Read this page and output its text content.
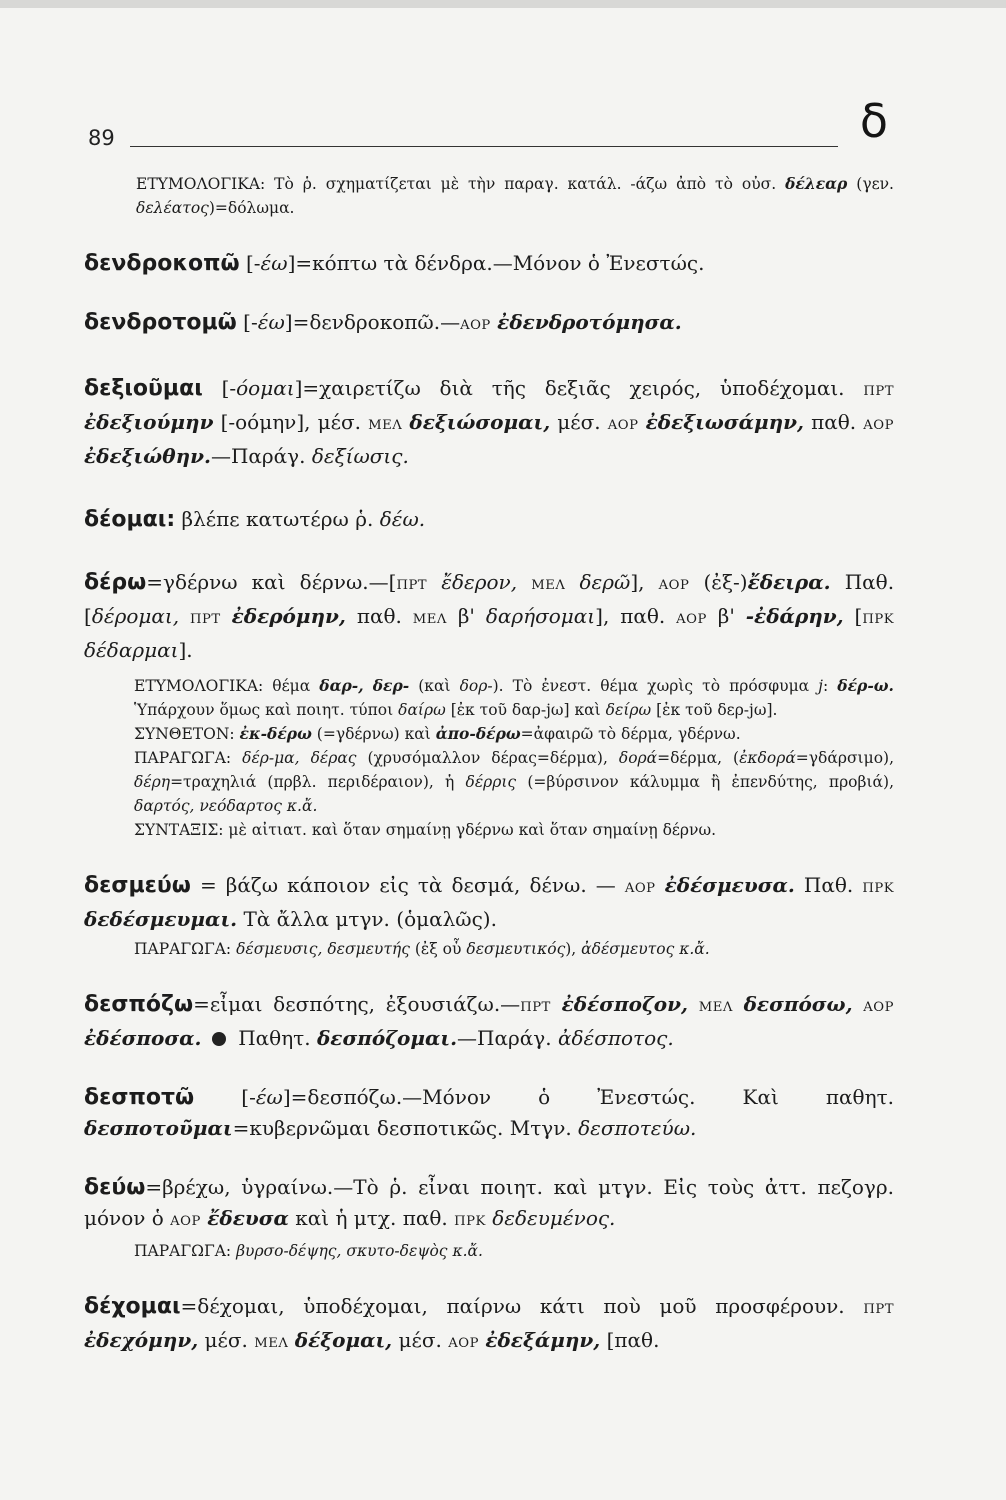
89	δ
ΕΤΥΜΟΛΟΓΙΚΑ: Τὸ ῥ. σχηματίζεται μὲ τὴν παραγ. κατάλ. -άζω ἀπὸ τὸ οὐσ. δέλεαρ (γεν. δελέατος)=δόλωμα.
δενδροκοπῶ [-έω]=κόπτω τὰ δένδρα.—Μόνον ὁ Ἐνεστώς.
δενδροτομῶ [-έω]=δενδροκοπῶ.—ΑΟΡ ἐδενδροτόμησα.
δεξιοῦμαι [-όομαι]=χαιρετίζω διὰ τῆς δεξιᾶς χειρός, ὑποδέχομαι. ΠΡΤ ἐδεξιούμην [-οόμην], μέσ. ΜΕΛ δεξιώσομαι, μέσ. ΑΟΡ ἐδεξιωσάμην, παθ. ΑΟΡ ἐδεξιώθην.—Παράγ. δεξίωσις.
δέομαι: βλέπε κατωτέρω ῥ. δέω.
δέρω=γδέρνω καὶ δέρνω.—[ΠΡΤ ἔδερον, ΜΕΛ δερῶ], ΑΟΡ (ἐξ-)ἔδειρα. Παθ. [δέρομαι, ΠΡΤ ἐδερόμην, παθ. ΜΕΛ β' δαρήσομαι], παθ. ΑΟΡ β' -ἐδάρην, [ΠΡΚ δέδαρμαι].
ΕΤΥΜΟΛΟΓΙΚΑ: θέμα δαρ-, δερ- (καὶ δορ-). Τὸ ἐνεστ. θέμα χωρὶς τὸ πρόσφυμα j: δέρ-ω. Ὑπάρχουν ὅμως καὶ ποιητ. τύποι δαίρω [ἐκ τοῦ δαρ-jω] καὶ δείρω [ἐκ τοῦ δερ-jω].
ΣΥΝΘΕΤΟΝ: ἐκ-δέρω (=γδέρνω) καὶ ἀπο-δέρω=ἀφαιρῶ τὸ δέρμα, γδέρνω.
ΠΑΡΑΓΩΓΑ: δέρ-μα, δέρας (χρυσόμαλλον δέρας=δέρμα), δορά=δέρμα, (ἐκδορά=γδάρσιμο), δέρη=τραχηλιά (πρβλ. περιδέραιον), ἡ δέρρις (=βύρσινον κάλυμμα ἢ ἐπενδύτης, προβιά), δαρτός, νεόδαρτος κ.ἄ.
ΣΥΝΤΑΞΙΣ: μὲ αἰτιατ. καὶ ὅταν σημαίνῃ γδέρνω καὶ ὅταν σημαίνῃ δέρνω.
δεσμεύω = βάζω κάποιον εἰς τὰ δεσμά, δένω. — ΑΟΡ ἐδέσμευσα. Παθ. ΠΡΚ δεδέσμευμαι. Τὰ ἄλλα μτγν. (ὁμαλῶς).
ΠΑΡΑΓΩΓΑ: δέσμευσις, δεσμευτής (ἐξ οὗ δεσμευτικός), ἀδέσμευτος κ.ἄ.
δεσπόζω=εἶμαι δεσπότης, ἐξουσιάζω.—ΠΡΤ ἐδέσποζον, ΜΕΛ δεσπόσω, ΑΟΡ ἐδέσποσα. Παθητ. δεσπόζομαι.—Παράγ. ἀδέσποτος.
δεσποτῶ [-έω]=δεσπόζω.—Μόνον ὁ Ἐνεστώς. Καὶ παθητ. δεσποτοῦμαι=κυβερνῶμαι δεσποτικῶς. Μτγν. δεσποτεύω.
δεύω=βρέχω, ὑγραίνω.—Τὸ ῥ. εἶναι ποιητ. καὶ μτγν. Εἰς τοὺς ἀττ. πεζογρ. μόνον ὁ ΑΟΡ ἔδευσα καὶ ἡ μτχ. παθ. ΠΡΚ δεδευμένος.
ΠΑΡΑΓΩΓΑ: βυρσο-δέψης, σκυτο-δεψὸς κ.ἄ.
δέχομαι=δέχομαι, ὑποδέχομαι, παίρνω κάτι ποὺ μοῦ προσφέρουν. ΠΡΤ ἐδεχόμην, μέσ. ΜΕΛ δέξομαι, μέσ. ΑΟΡ ἐδεξάμην, [παθ.
